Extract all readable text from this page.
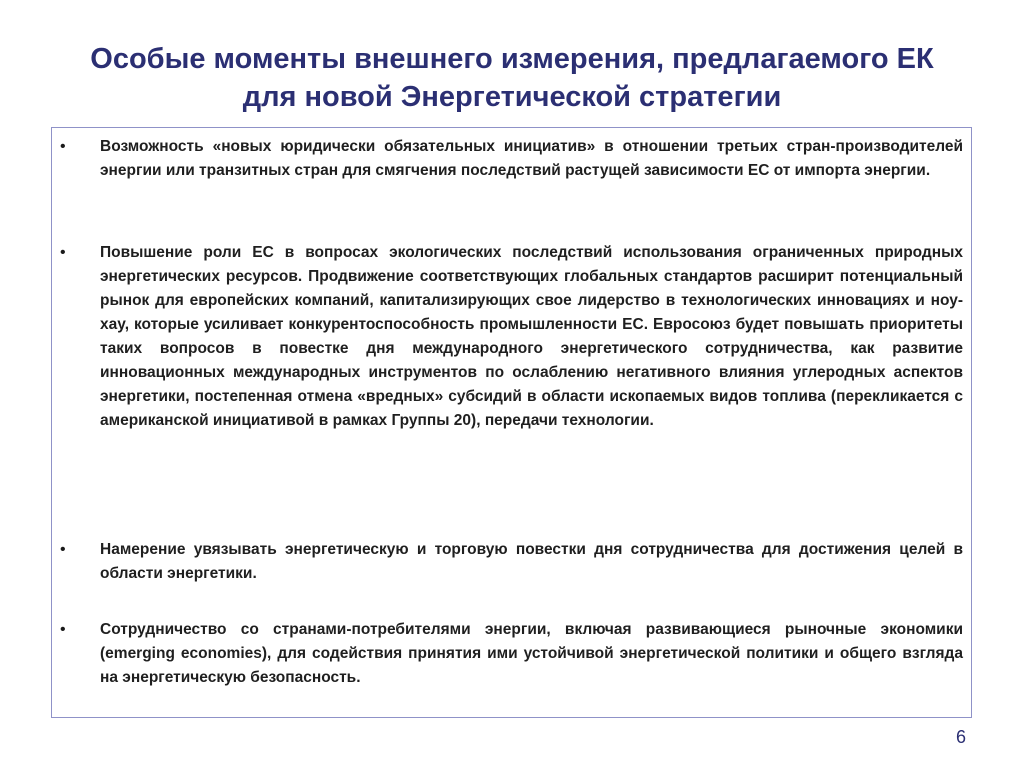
Особые моменты внешнего измерения, предлагаемого ЕК
для новой Энергетической стратегии
•	Возможность «новых юридически обязательных инициатив» в отношении третьих стран-производителей энергии или транзитных стран для смягчения последствий растущей зависимости ЕС от импорта энергии.
•	Повышение роли ЕС в вопросах экологических последствий использования ограниченных природных энергетических ресурсов. Продвижение соответствующих глобальных стандартов расширит потенциальный рынок для европейских компаний, капитализирующих свое лидерство в технологических инновациях и ноу-хау, которые усиливает конкурентоспособность промышленности ЕС. Евросоюз будет повышать приоритеты таких вопросов в повестке дня международного энергетического сотрудничества, как развитие инновационных международных инструментов по ослаблению негативного влияния углеродных аспектов энергетики, постепенная отмена «вредных» субсидий в области ископаемых видов топлива (перекликается с американской инициативой в рамках Группы 20), передачи технологии.
•	Намерение увязывать энергетическую и торговую повестки дня сотрудничества для достижения целей в области энергетики.
•	Сотрудничество со странами-потребителями энергии, включая развивающиеся рыночные экономики (emerging economies), для содействия принятия ими устойчивой энергетической политики и общего взгляда на энергетическую безопасность.
6
